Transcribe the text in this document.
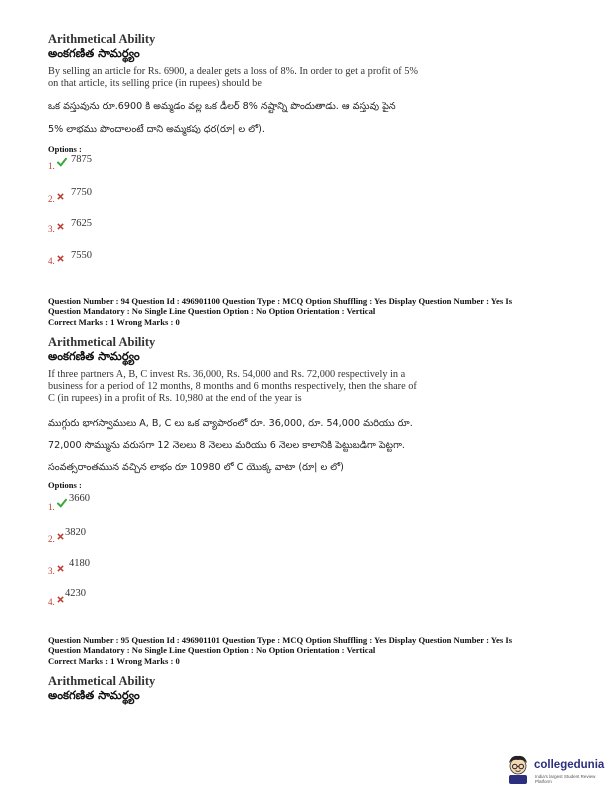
Arithmetical Ability
అంకగణిత సామర్థ్యం
By selling an article for Rs. 6900, a dealer gets a loss of 8%. In order to get a profit of 5%
on that article, its selling price (in rupees) should be
ఒక వస్తువును రూ.6900 కి అమ్మడం వల్ల ఒక డీలర్ 8% నష్టాన్ని పొందుతాడు. ఆ వస్తువు పైన
5% లాభము పొందాలంటే దాని అమ్మకపు ధర(రూ| ల లో).
Options :
1.
7875
2.
7750
3. 7625
4. 7550
Question Number : 94 Question Id : 496901100 Question Type : MCQ Option Shuffling : Yes Display Question Number : Yes Is
Question Mandatory : No Single Line Question Option : No Option Orientation : Vertical
Correct Marks : 1 Wrong Marks : 0
Arithmetical Ability
అంకగణిత సామర్థ్యం
If three partners A, B, C invest Rs. 36,000, Rs. 54,000 and Rs. 72,000 respectively in a
business for a period of 12 months, 8 months and 6 months respectively, then the share of
C (in rupees) in a profit of Rs. 10,980 at the end of the year is
ముగ్గురు భాగస్వాములు A, B, C లు ఒక వ్యాపారంలో రూ. 36,000, రూ. 54,000 మరియు రూ.
72,000 సొమ్మును వరుసగా 12 నెలలు 8 నెలలు మరియు 6 నెలల కాలానికి పెట్టుబడిగా పెట్టగా.
సంవత్సరాంతమున వచ్చిన లాభం రూ 10980 లో C యొక్క వాటా (రూ| ల లో)
Options :
1.
3660
2.
3820
3.
4180
4.
4230
Question Number : 95 Question Id : 496901101 Question Type : MCQ Option Shuffling : Yes Display Question Number : Yes Is
Question Mandatory : No Single Line Question Option : No Option Orientation : Vertical
Correct Marks : 1 Wrong Marks : 0
Arithmetical Ability
అంకగణిత సామర్థ్యం
collegedunia
India's largest Student Review Platform
